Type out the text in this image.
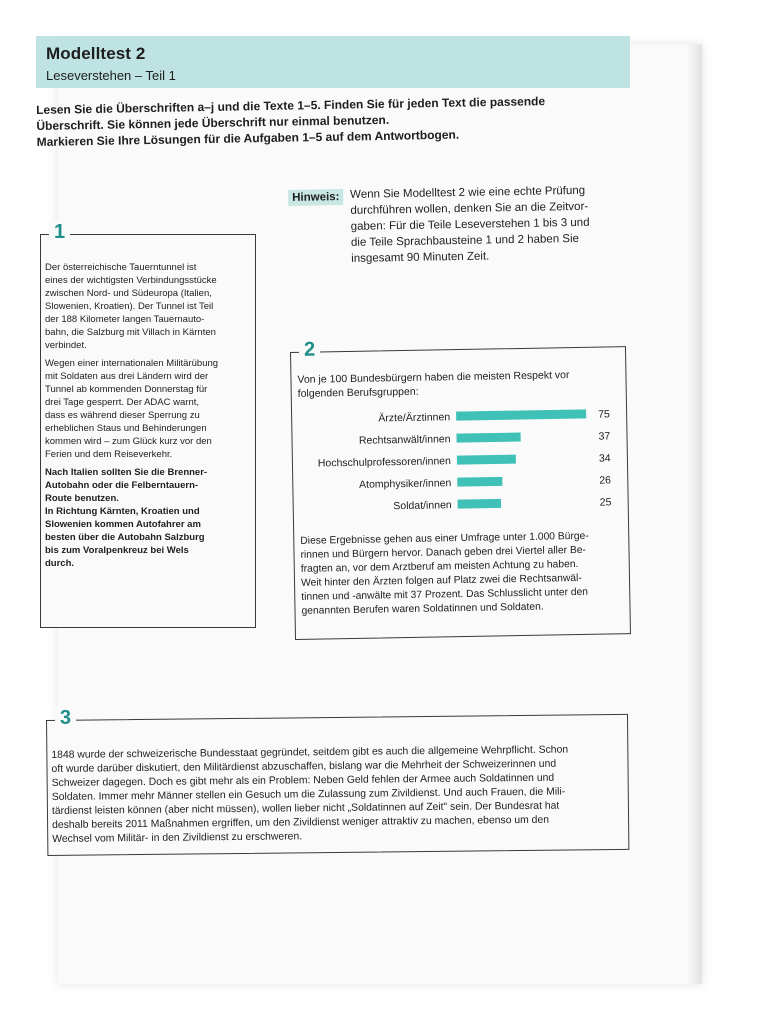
Modelltest 2
Leseverstehen – Teil 1
Lesen Sie die Überschriften a–j und die Texte 1–5. Finden Sie für jeden Text die passende
Überschrift. Sie können jede Überschrift nur einmal benutzen.
Markieren Sie Ihre Lösungen für die Aufgaben 1–5 auf dem Antwortbogen.
Hinweis: Wenn Sie Modelltest 2 wie eine echte Prüfung
durchführen wollen, denken Sie an die Zeitvor-
gaben: Für die Teile Leseverstehen 1 bis 3 und
die Teile Sprachbausteine 1 und 2 haben Sie
insgesamt 90 Minuten Zeit.
1

Der österreichische Tauerntunnel ist
eines der wichtigsten Verbindungsstücke
zwischen Nord- und Südeuropa (Italien,
Slowenien, Kroatien). Der Tunnel ist Teil
der 188 Kilometer langen Tauernauto-
bahn, die Salzburg mit Villach in Kärnten
verbindet.

Wegen einer internationalen Militärübung
mit Soldaten aus drei Ländern wird der
Tunnel ab kommenden Donnerstag für
drei Tage gesperrt. Der ADAC warnt,
dass es während dieser Sperrung zu
erheblichen Staus und Behinderungen
kommen wird – zum Glück kurz vor den
Ferien und dem Reiseverkehr.

Nach Italien sollten Sie die Brenner-
Autobahn oder die Felberntauern-
Route benutzen.
In Richtung Kärnten, Kroatien und
Slowenien kommen Autofahrer am
besten über die Autobahn Salzburg
bis zum Voralpenkreuz bei Wels
durch.

2
Von je 100 Bundesbürgern haben die meisten Respekt vor
folgenden Berufsgruppen:
Ärzte/Ärztinnen	75
Rechtsanwält/innen	37
Hochschulprofessoren/innen	34
Atomphysiker/innen	26
Soldat/innen	25
Diese Ergebnisse gehen aus einer Umfrage unter 1.000 Bürge-
rinnen und Bürgern hervor. Danach geben drei Viertel aller Be-
fragten an, vor dem Arztberuf am meisten Achtung zu haben.
Weit hinter den Ärzten folgen auf Platz zwei die Rechtsanwäl-
tinnen und -anwälte mit 37 Prozent. Das Schlusslicht unter den
genannten Berufen waren Soldatinnen und Soldaten.
3
1848 wurde der schweizerische Bundesstaat gegründet, seitdem gibt es auch die allgemeine Wehrpflicht. Schon
oft wurde darüber diskutiert, den Militärdienst abzuschaffen, bislang war die Mehrheit der Schweizerinnen und
Schweizer dagegen. Doch es gibt mehr als ein Problem: Neben Geld fehlen der Armee auch Soldatinnen und
Soldaten. Immer mehr Männer stellen ein Gesuch um die Zulassung zum Zivildienst. Und auch Frauen, die Mili-
tärdienst leisten können (aber nicht müssen), wollen lieber nicht „Soldatinnen auf Zeit" sein. Der Bundesrat hat
deshalb bereits 2011 Maßnahmen ergriffen, um den Zivildienst weniger attraktiv zu machen, ebenso um den
Wechsel vom Militär- in den Zivildienst zu erschweren.
